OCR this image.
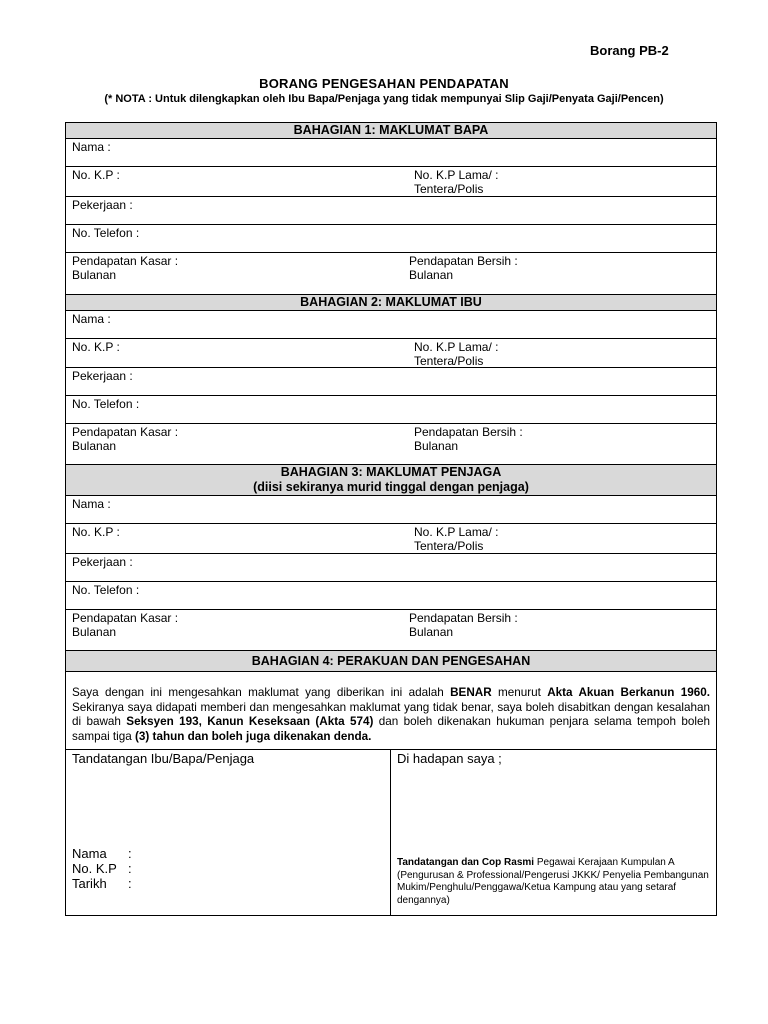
Borang PB-2
BORANG PENGESAHAN PENDAPATAN
(* NOTA : Untuk dilengkapkan oleh Ibu Bapa/Penjaga yang tidak mempunyai Slip Gaji/Penyata Gaji/Pencen)
BAHAGIAN 1: MAKLUMAT BAPA
Nama :
No. K.P :	No. K.P Lama/ :
Tentera/Polis
Pekerjaan :
No. Telefon :
Pendapatan Kasar :
Bulanan
Pendapatan Bersih :
Bulanan
BAHAGIAN 2: MAKLUMAT IBU
Nama :
No. K.P :	No. K.P Lama/ :
Tentera/Polis
Pekerjaan :
No. Telefon :
Pendapatan Kasar :
Bulanan
Pendapatan Bersih :
Bulanan
BAHAGIAN 3: MAKLUMAT PENJAGA
(diisi sekiranya murid tinggal dengan penjaga)
Nama :
No. K.P :	No. K.P Lama/ :
Tentera/Polis
Pekerjaan :
No. Telefon :
Pendapatan Kasar :
Bulanan
Pendapatan Bersih :
Bulanan
BAHAGIAN 4: PERAKUAN DAN PENGESAHAN
Saya dengan ini mengesahkan maklumat yang diberikan ini adalah BENAR menurut Akta Akuan Berkanun 1960. Sekiranya saya didapati memberi dan mengesahkan maklumat yang tidak benar, saya boleh disabitkan dengan kesalahan di bawah Seksyen 193, Kanun Keseksaan (Akta 574) dan boleh dikenakan hukuman penjara selama tempoh boleh sampai tiga (3) tahun dan boleh juga dikenakan denda.
Tandatangan Ibu/Bapa/Penjaga
Nama :
No. K.P :
Tarikh :
Di hadapan saya ;
Tandatangan dan Cop Rasmi Pegawai Kerajaan Kumpulan A (Pengurusan & Professional/Pengerusi JKKK/ Penyelia Pembangunan Mukim/Penghulu/Penggawa/Ketua Kampung atau yang setaraf dengannya)
